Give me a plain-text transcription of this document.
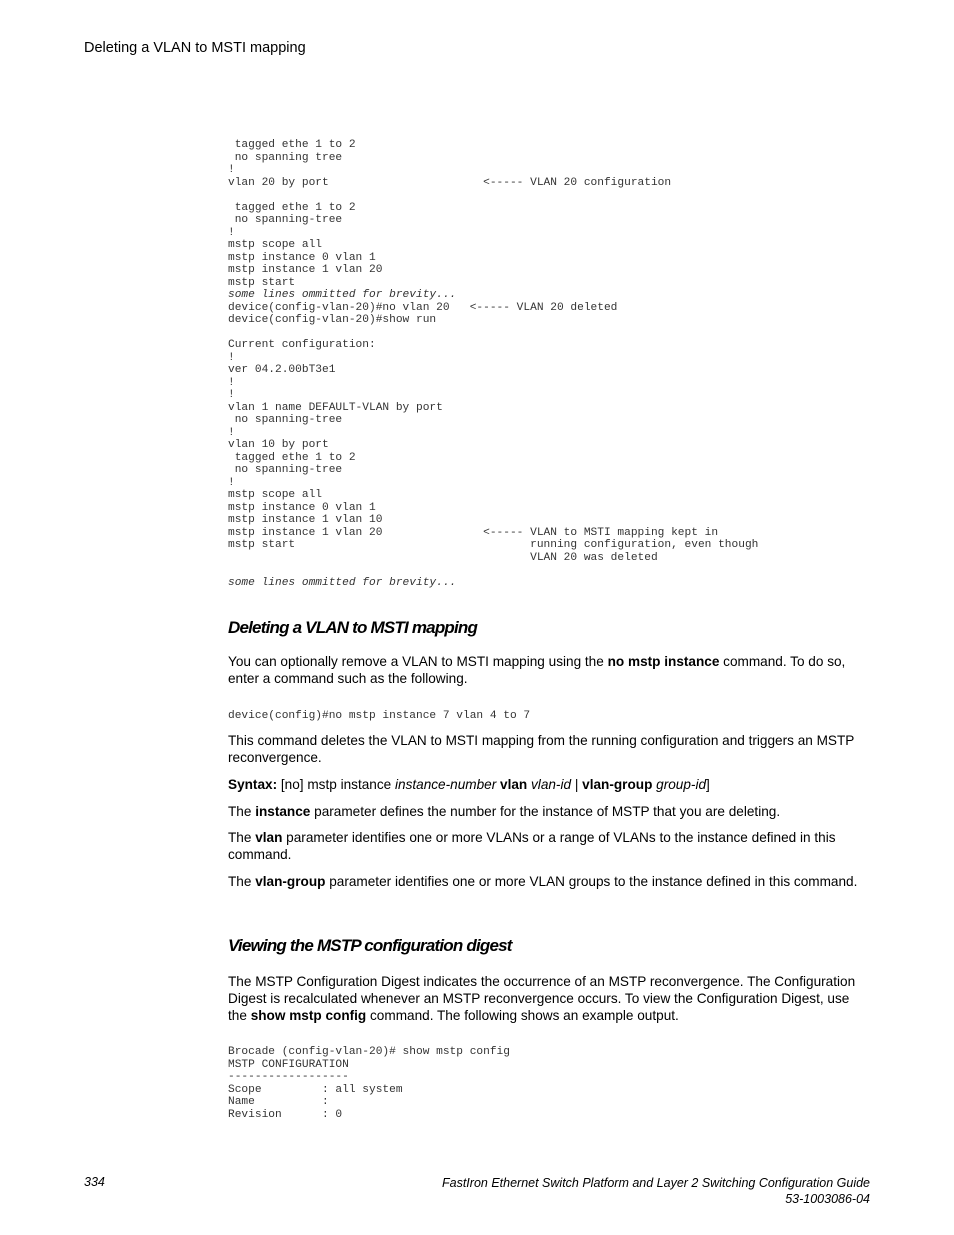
Deleting a VLAN to MSTI mapping
tagged ethe 1 to 2
no spanning tree
!
vlan 20 by port                       <----- VLAN 20 configuration
tagged ethe 1 to 2
no spanning-tree
!
mstp scope all
mstp instance 0 vlan 1
mstp instance 1 vlan 20
mstp start
some lines ommitted for brevity...
device(config-vlan-20)#no vlan 20   <----- VLAN 20 deleted
device(config-vlan-20)#show run
Current configuration:
!
ver 04.2.00bT3e1
!
!
vlan 1 name DEFAULT-VLAN by port
no spanning-tree
!
vlan 10 by port
tagged ethe 1 to 2
no spanning-tree
!
mstp scope all
mstp instance 0 vlan 1
mstp instance 1 vlan 10
mstp instance 1 vlan 20               <----- VLAN to MSTI mapping kept in
mstp start                                   running configuration, even though
VLAN 20 was deleted
some lines ommitted for brevity...
Deleting a VLAN to MSTI mapping

You can optionally remove a VLAN to MSTI mapping using the no mstp instance command. To do so, enter a command such as the following.

device(config)#no mstp instance 7 vlan 4 to 7

This command deletes the VLAN to MSTI mapping from the running configuration and triggers an MSTP reconvergence.

Syntax: [no] mstp instance instance-number vlan vlan-id | vlan-group group-id]

The instance parameter defines the number for the instance of MSTP that you are deleting.

The vlan parameter identifies one or more VLANs or a range of VLANs to the instance defined in this command.

The vlan-group parameter identifies one or more VLAN groups to the instance defined in this command.

Viewing the MSTP configuration digest

The MSTP Configuration Digest indicates the occurrence of an MSTP reconvergence. The Configuration Digest is recalculated whenever an MSTP reconvergence occurs. To view the Configuration Digest, use the show mstp config command. The following shows an example output.

Brocade (config-vlan-20)# show mstp config
MSTP CONFIGURATION
------------------
Scope         : all system
Name          :
Revision      : 0
334	FastIron Ethernet Switch Platform and Layer 2 Switching Configuration Guide
53-1003086-04
